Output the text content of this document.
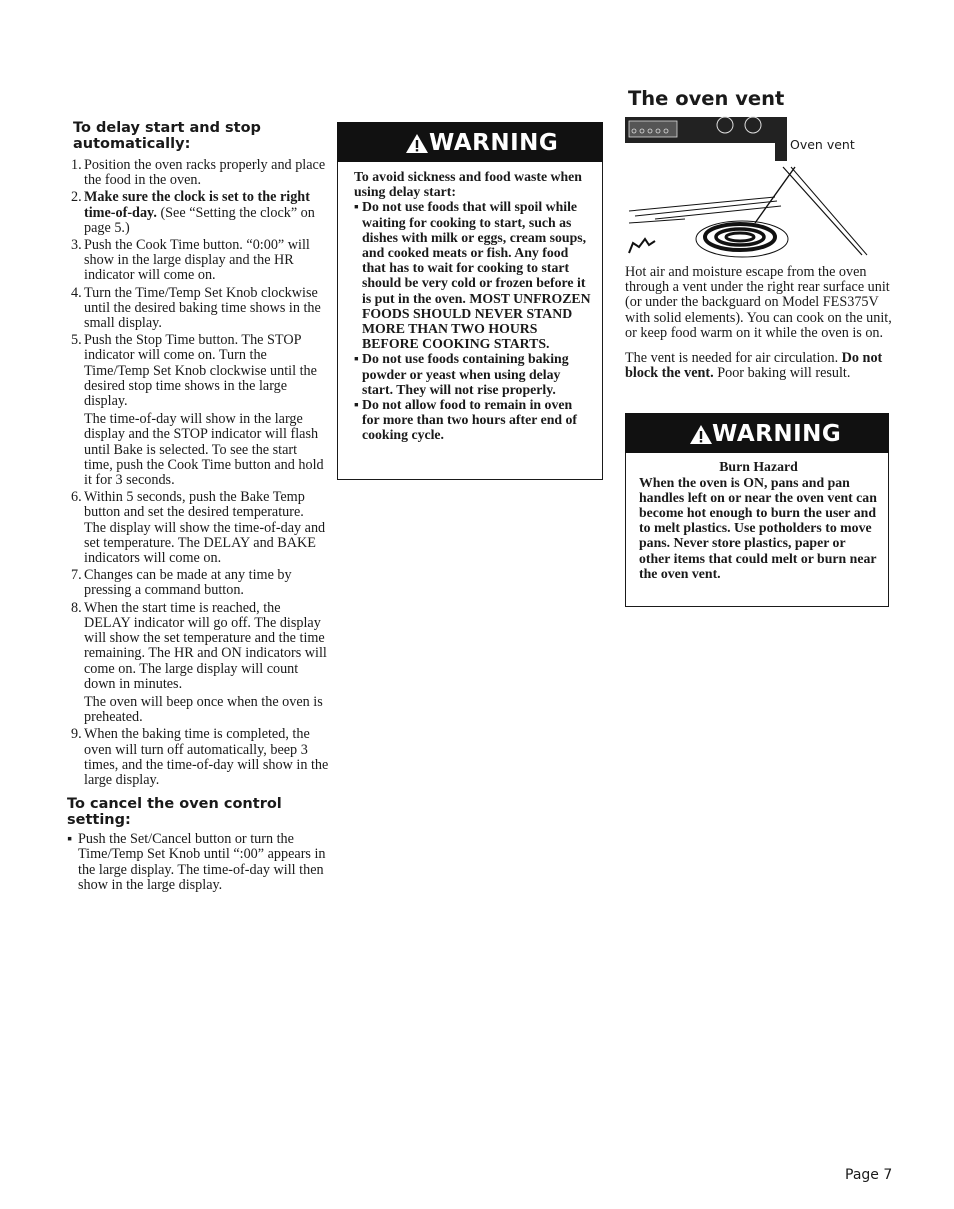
To delay start and stop
automatically:
1. Position the oven racks properly and place the food in the oven.

2. Make sure the clock is set to the right time-of-day. (See “Setting the clock” on page 5.)

3. Push the Cook Time button. “0:00” will show in the large display and the HR indicator will come on.

4. Turn the Time/Temp Set Knob clockwise until the desired baking time shows in the small display.

5. Push the Stop Time button. The STOP indicator will come on. Turn the Time/Temp Set Knob clockwise until the desired stop time shows in the large display.

The time-of-day will show in the large display and the STOP indicator will flash until Bake is selected. To see the start time, push the Cook Time button and hold it for 3 seconds.

6. Within 5 seconds, push the Bake Temp button and set the desired temperature. The display will show the time-of-day and set temperature. The DELAY and BAKE indicators will come on.

7. Changes can be made at any time by pressing a command button.

8. When the start time is reached, the DELAY indicator will go off. The display will show the set temperature and the time remaining. The HR and ON indicators will come on. The large display will count down in minutes.

The oven will beep once when the oven is preheated.

9. When the baking time is completed, the oven will turn off automatically, beep 3 times, and the time-of-day will show in the large display.

To cancel the oven control
setting:
▪ Push the Set/Cancel button or turn the Time/Temp Set Knob until “:00” appears in the large display. The time-of-day will then show in the large display.
WARNING

To avoid sickness and food waste when using delay start:

▪ Do not use foods that will spoil while waiting for cooking to start, such as dishes with milk or eggs, cream soups, and cooked meats or fish. Any food that has to wait for cooking to start should be very cold or frozen before it is put in the oven. MOST UNFROZEN FOODS SHOULD NEVER STAND MORE THAN TWO HOURS BEFORE COOKING STARTS.
▪ Do not use foods containing baking powder or yeast when using delay start. They will not rise properly.
▪ Do not allow food to remain in oven for more than two hours after end of cooking cycle.
The oven vent
Oven vent

Hot air and moisture escape from the oven through a vent under the right rear surface unit (or under the backguard on Model FES375V with solid elements). You can cook on the unit, or keep food warm on it while the oven is on.

The vent is needed for air circulation. Do not block the vent. Poor baking will result.

WARNING

Burn Hazard

When the oven is ON, pans and pan handles left on or near the oven vent can become hot enough to burn the user and to melt plastics. Use potholders to move pans. Never store plastics, paper or other items that could melt or burn near the oven vent.

Page 7
